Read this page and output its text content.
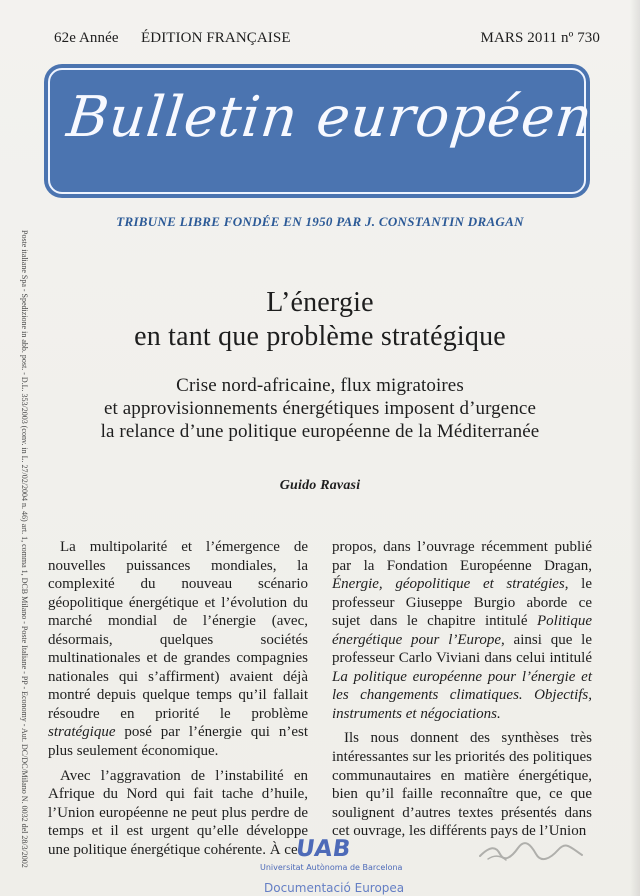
62e Année ÉDITION FRANÇAISE	MARS 2011 nº 730
Bulletin européen
TRIBUNE LIBRE FONDÉE EN 1950 PAR J. CONSTANTIN DRAGAN
Poste italiane Spa - Spedizione in abb. post. - D.L. 353/2003 (conv. in L. 27/02/2004 n. 46) art. 1, comma 1, DCB Milano - Poste Italiane - PP - Economy - Aut. DC/DC/Milano N. 0032 del 28/3/2002	L’énergie
en tant que problème stratégique
Crise nord-africaine, flux migratoires
et approvisionnements énergétiques imposent d’urgence
la relance d’une politique européenne de la Méditerranée
Guido Ravasi

La multipolarité et l’émergence de nouvelles puissances mondiales, la complexité du nouveau scénario géopolitique énergétique et l’évolution du marché mondial de l’énergie (avec, désormais, quelques sociétés multinationales et de grandes compagnies nationales qui s’affirment) avaient déjà montré depuis quelque temps qu’il fallait résoudre en priorité le problème stratégique posé par l’énergie qui n’est plus seulement économique.

Avec l’aggravation de l’instabilité en Afrique du Nord qui fait tache d’huile, l’Union européenne ne peut plus perdre de temps et il est urgent qu’elle développe une politique énergétique cohérente. À ce

propos, dans l’ouvrage récemment publié par la Fondation Européenne Dragan, Énergie, géopolitique et stratégies, le professeur Giuseppe Burgio aborde ce sujet dans le chapitre intitulé Politique énergétique pour l’Europe, ainsi que le professeur Carlo Viviani dans celui intitulé La politique européenne pour l’énergie et les changements climatiques. Objectifs, instruments et négociations.

Ils nous donnent des synthèses très intéressantes sur les priorités des politiques communautaires en matière énergétique, bien qu’il faille reconnaître que, ce que soulignent d’autres textes présentés dans cet ouvrage, les différents pays de l’Union

UAB
Universitat Autònoma de Barcelona
Documentació Europea
